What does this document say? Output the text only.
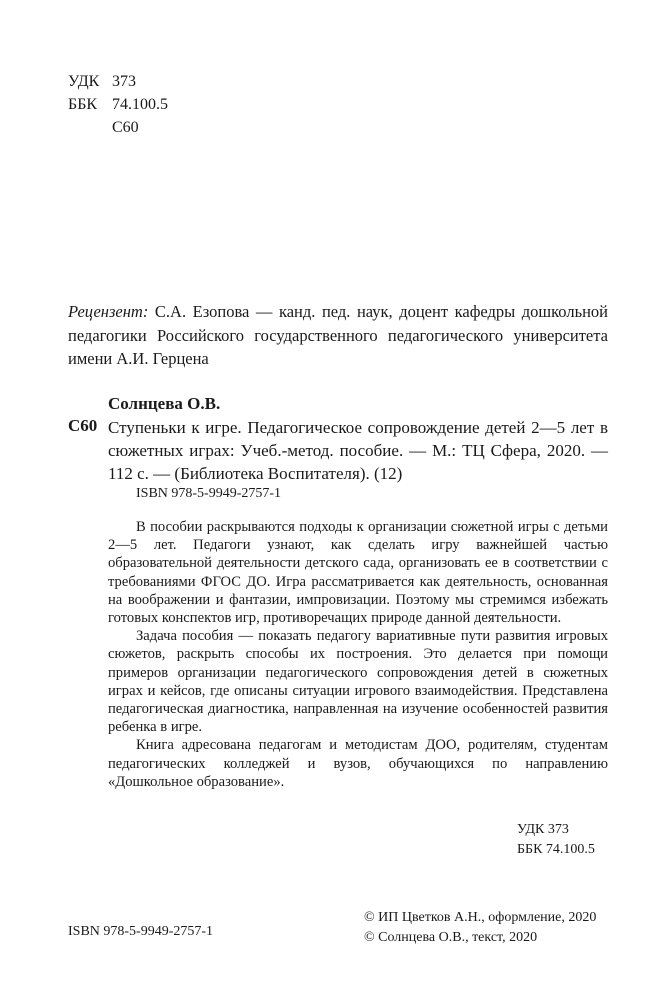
УДК 373
ББК 74.100.5
С60
Рецензент: С.А. Езопова — канд. пед. наук, доцент кафедры дошкольной педагогики Российского государственного педагогического университета имени А.И. Герцена
Солнцева О.В.
С60 Ступеньки к игре. Педагогическое сопровождение детей 2—5 лет в сюжетных играх: Учеб.-метод. пособие. — М.: ТЦ Сфера, 2020. — 112 с. — (Библиотека Воспитателя). (12)
ISBN 978-5-9949-2757-1

В пособии раскрываются подходы к организации сюжетной игры с детьми 2—5 лет. Педагоги узнают, как сделать игру важнейшей частью образовательной деятельности детского сада, организовать ее в соответствии с требованиями ФГОС ДО. Игра рассматривается как деятельность, основанная на воображении и фантазии, импровизации. Поэтому мы стремимся избежать готовых конспектов игр, противоречащих природе данной деятельности.

Задача пособия — показать педагогу вариативные пути развития игровых сюжетов, раскрыть способы их построения. Это делается при помощи примеров организации педагогического сопровождения детей в сюжетных играх и кейсов, где описаны ситуации игрового взаимодействия. Представлена педагогическая диагностика, направленная на изучение особенностей развития ребенка в игре.

Книга адресована педагогам и методистам ДОО, родителям, студентам педагогических колледжей и вузов, обучающихся по направлению «Дошкольное образование».

УДК 373
ББК 74.100.5
ISBN 978-5-9949-2757-1
© ИП Цветков А.Н., оформление, 2020
© Солнцева О.В., текст, 2020
